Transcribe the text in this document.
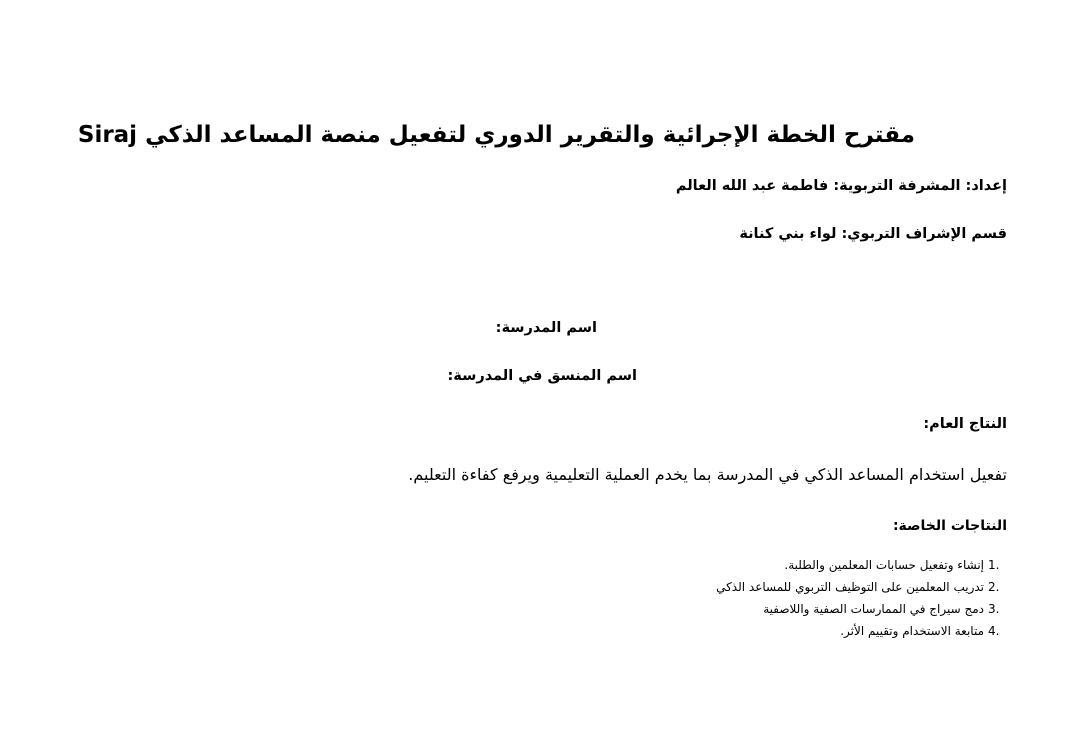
مقترح الخطة الإجرائية والتقرير الدوري لتفعيل منصة المساعد الذكي Siraj
إعداد: المشرفة التربوية: فاطمة عبد الله العالم
قسم الإشراف التربوي: لواء بني كنانة
اسم المدرسة:
اسم المنسق في المدرسة:
النتاج العام:
تفعيل استخدام المساعد الذكي في المدرسة بما يخدم العملية التعليمية ويرفع كفاءة التعليم.
النتاجات الخاصة:
1.
إنشاء وتفعيل حسابات المعلمين والطلبة.
2.
تدريب المعلمين على التوظيف التربوي للمساعد الذكي
3.
دمج سيراج في الممارسات الصفية واللاصفية
4.
متابعة الاستخدام وتقييم الأثر.
